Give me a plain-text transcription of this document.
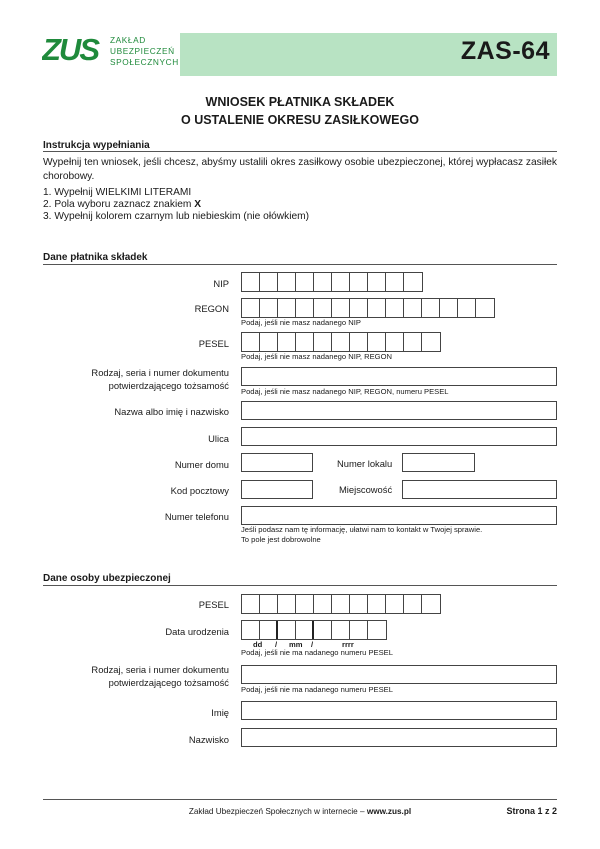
ZAS-64
ZUS ZAKŁAD
UBEZPIECZEŃ
SPOŁECZNYCH
WNIOSEK PŁATNIKA SKŁADEK
O USTALENIE OKRESU ZASIŁKOWEGO
Instrukcja wypełniania
Wypełnij ten wniosek, jeśli chcesz, abyśmy ustalili okres zasiłkowy osobie ubezpieczonej, której wypłacasz zasiłek
chorobowy.
1. Wypełnij WIELKIMI LITERAMI
2. Pola wyboru zaznacz znakiem X
3. Wypełnij kolorem czarnym lub niebieskim (nie ołówkiem)
Dane płatnika składek
NIP
REGON
Podaj, jeśli nie masz nadanego NIP
PESEL
Podaj, jeśli nie masz nadanego NIP, REGON
Rodzaj, seria i numer dokumentu
potwierdzającego tożsamość
Podaj, jeśli nie masz nadanego NIP, REGON, numeru PESEL
Nazwa albo imię i nazwisko
Ulica
Numer domu	Numer lokalu
Kod pocztowy	Miejscowość
Numer telefonu
Jeśli podasz nam tę informację, ułatwi nam to kontakt w Twojej sprawie.
To pole jest dobrowolne
Dane osoby ubezpieczonej
PESEL
Data urodzenia
dd / mm /	rrrr
Podaj, jeśli nie ma nadanego numeru PESEL
Rodzaj, seria i numer dokumentu
potwierdzającego tożsamość
Podaj, jeśli nie ma nadanego numeru PESEL
Imię
Nazwisko
Zakład Ubezpieczeń Społecznych w internecie – www.zus.pl	Strona 1 z 2
